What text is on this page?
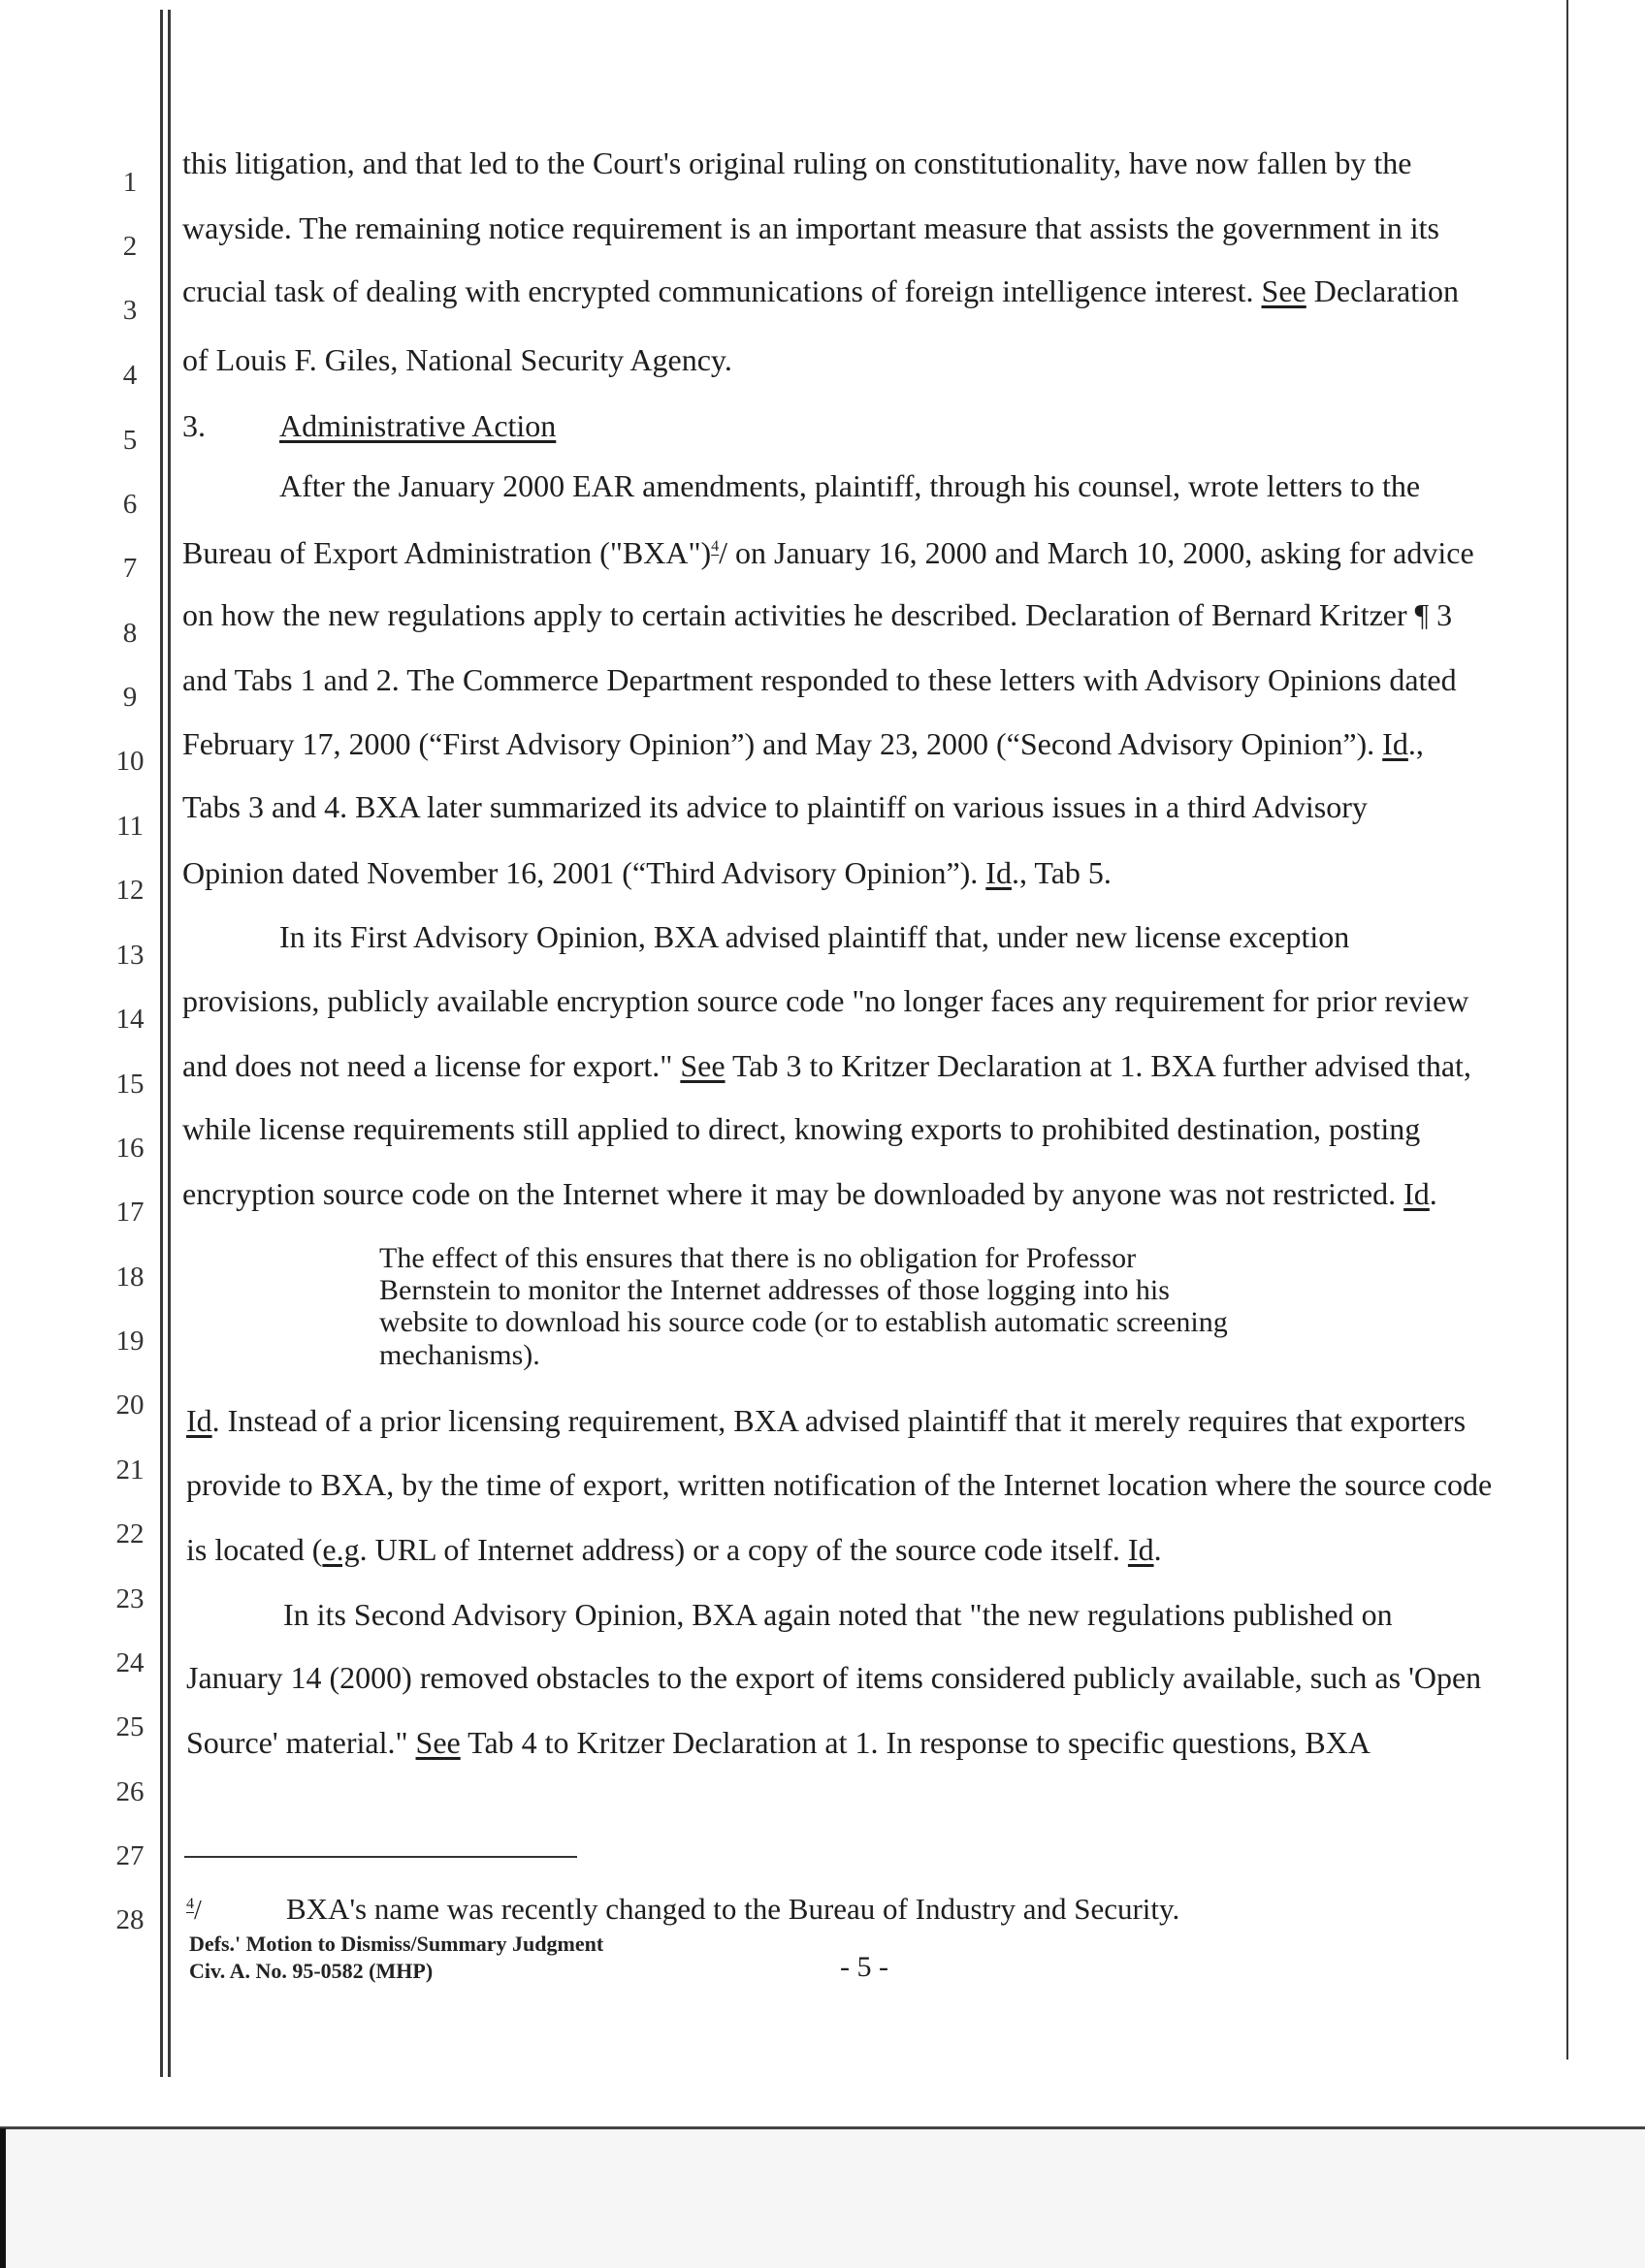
1
2
3
4
5
6
7
8
9
10
11
12
13
14
15
16
17
18
19
20
21
22
23
24
25
26
27
28
this litigation, and that led to the Court's original ruling on constitutionality, have now fallen by the
wayside. The remaining notice requirement is an important measure that assists the government in its
crucial task of dealing with encrypted communications of foreign intelligence interest. See Declaration
of Louis F. Giles, National Security Agency.
3. Administrative Action
After the January 2000 EAR amendments, plaintiff, through his counsel, wrote letters to the
Bureau of Export Administration ("BXA")$^4$/ on January 16, 2000 and March 10, 2000, asking for advice
on how the new regulations apply to certain activities he described. Declaration of Bernard Kritzer ¶ 3
and Tabs 1 and 2. The Commerce Department responded to these letters with Advisory Opinions dated
February 17, 2000 (“First Advisory Opinion”) and May 23, 2000 (“Second Advisory Opinion”). Id.,
Tabs 3 and 4. BXA later summarized its advice to plaintiff on various issues in a third Advisory
Opinion dated November 16, 2001 (“Third Advisory Opinion”). Id., Tab 5.
In its First Advisory Opinion, BXA advised plaintiff that, under new license exception
provisions, publicly available encryption source code "no longer faces any requirement for prior review
and does not need a license for export." See Tab 3 to Kritzer Declaration at 1. BXA further advised that,
while license requirements still applied to direct, knowing exports to prohibited destination, posting
encryption source code on the Internet where it may be downloaded by anyone was not restricted. Id.
The effect of this ensures that there is no obligation for Professor
Bernstein to monitor the Internet addresses of those logging into his
website to download his source code (or to establish automatic screening
mechanisms).
Id. Instead of a prior licensing requirement, BXA advised plaintiff that it merely requires that exporters
provide to BXA, by the time of export, written notification of the Internet location where the source code
is located (e.g. URL of Internet address) or a copy of the source code itself. Id.
In its Second Advisory Opinion, BXA again noted that "the new regulations published on
January 14 (2000) removed obstacles to the export of items considered publicly available, such as 'Open
Source' material." See Tab 4 to Kritzer Declaration at 1. In response to specific questions, BXA
$^4$/	BXA's name was recently changed to the Bureau of Industry and Security.
Defs.' Motion to Dismiss/Summary Judgment
Civ. A. No. 95-0582 (MHP)	- 5 -
